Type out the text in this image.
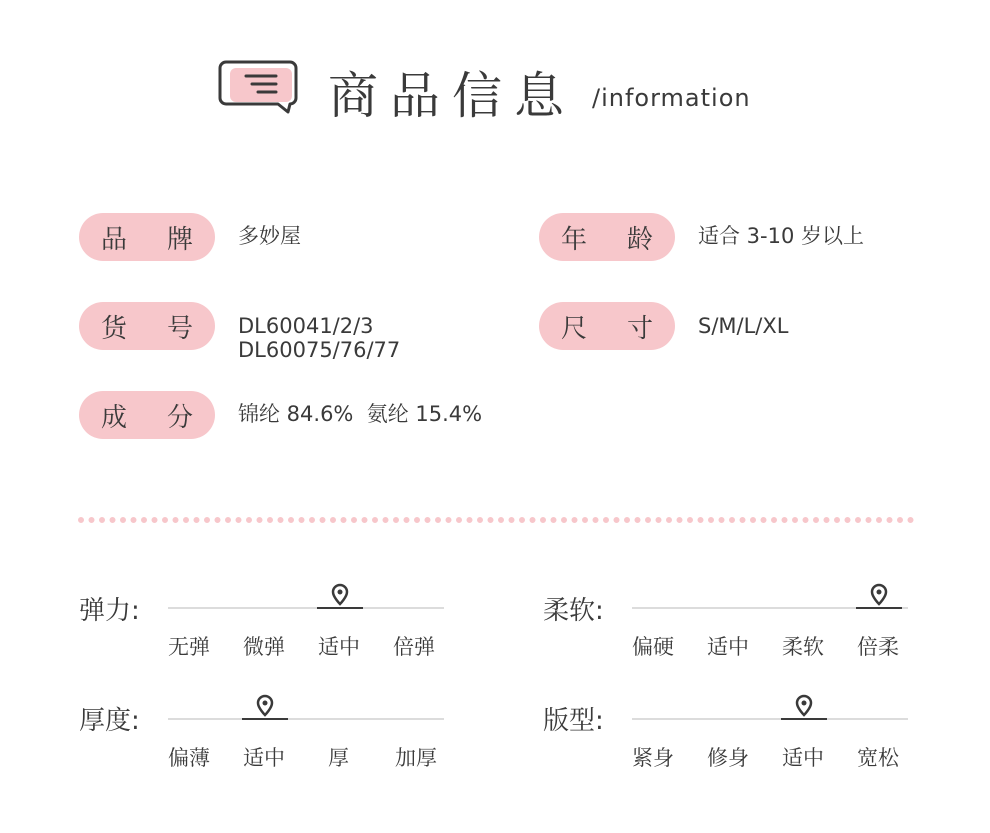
商品信息 /information
品 牌 多妙屋	年 龄 适合 3-10 岁以上
货 号 DL60041/2/3
DL60075/76/77
尺 寸 S/M/L/XL
成 分 锦纶 84.6%  氨纶 15.4%
弹力:
无弹 微弹 适中 倍弹
柔软:
偏硬 适中 柔软 倍柔
厚度:
偏薄 适中 厚 加厚
版型:
紧身 修身 适中 宽松
